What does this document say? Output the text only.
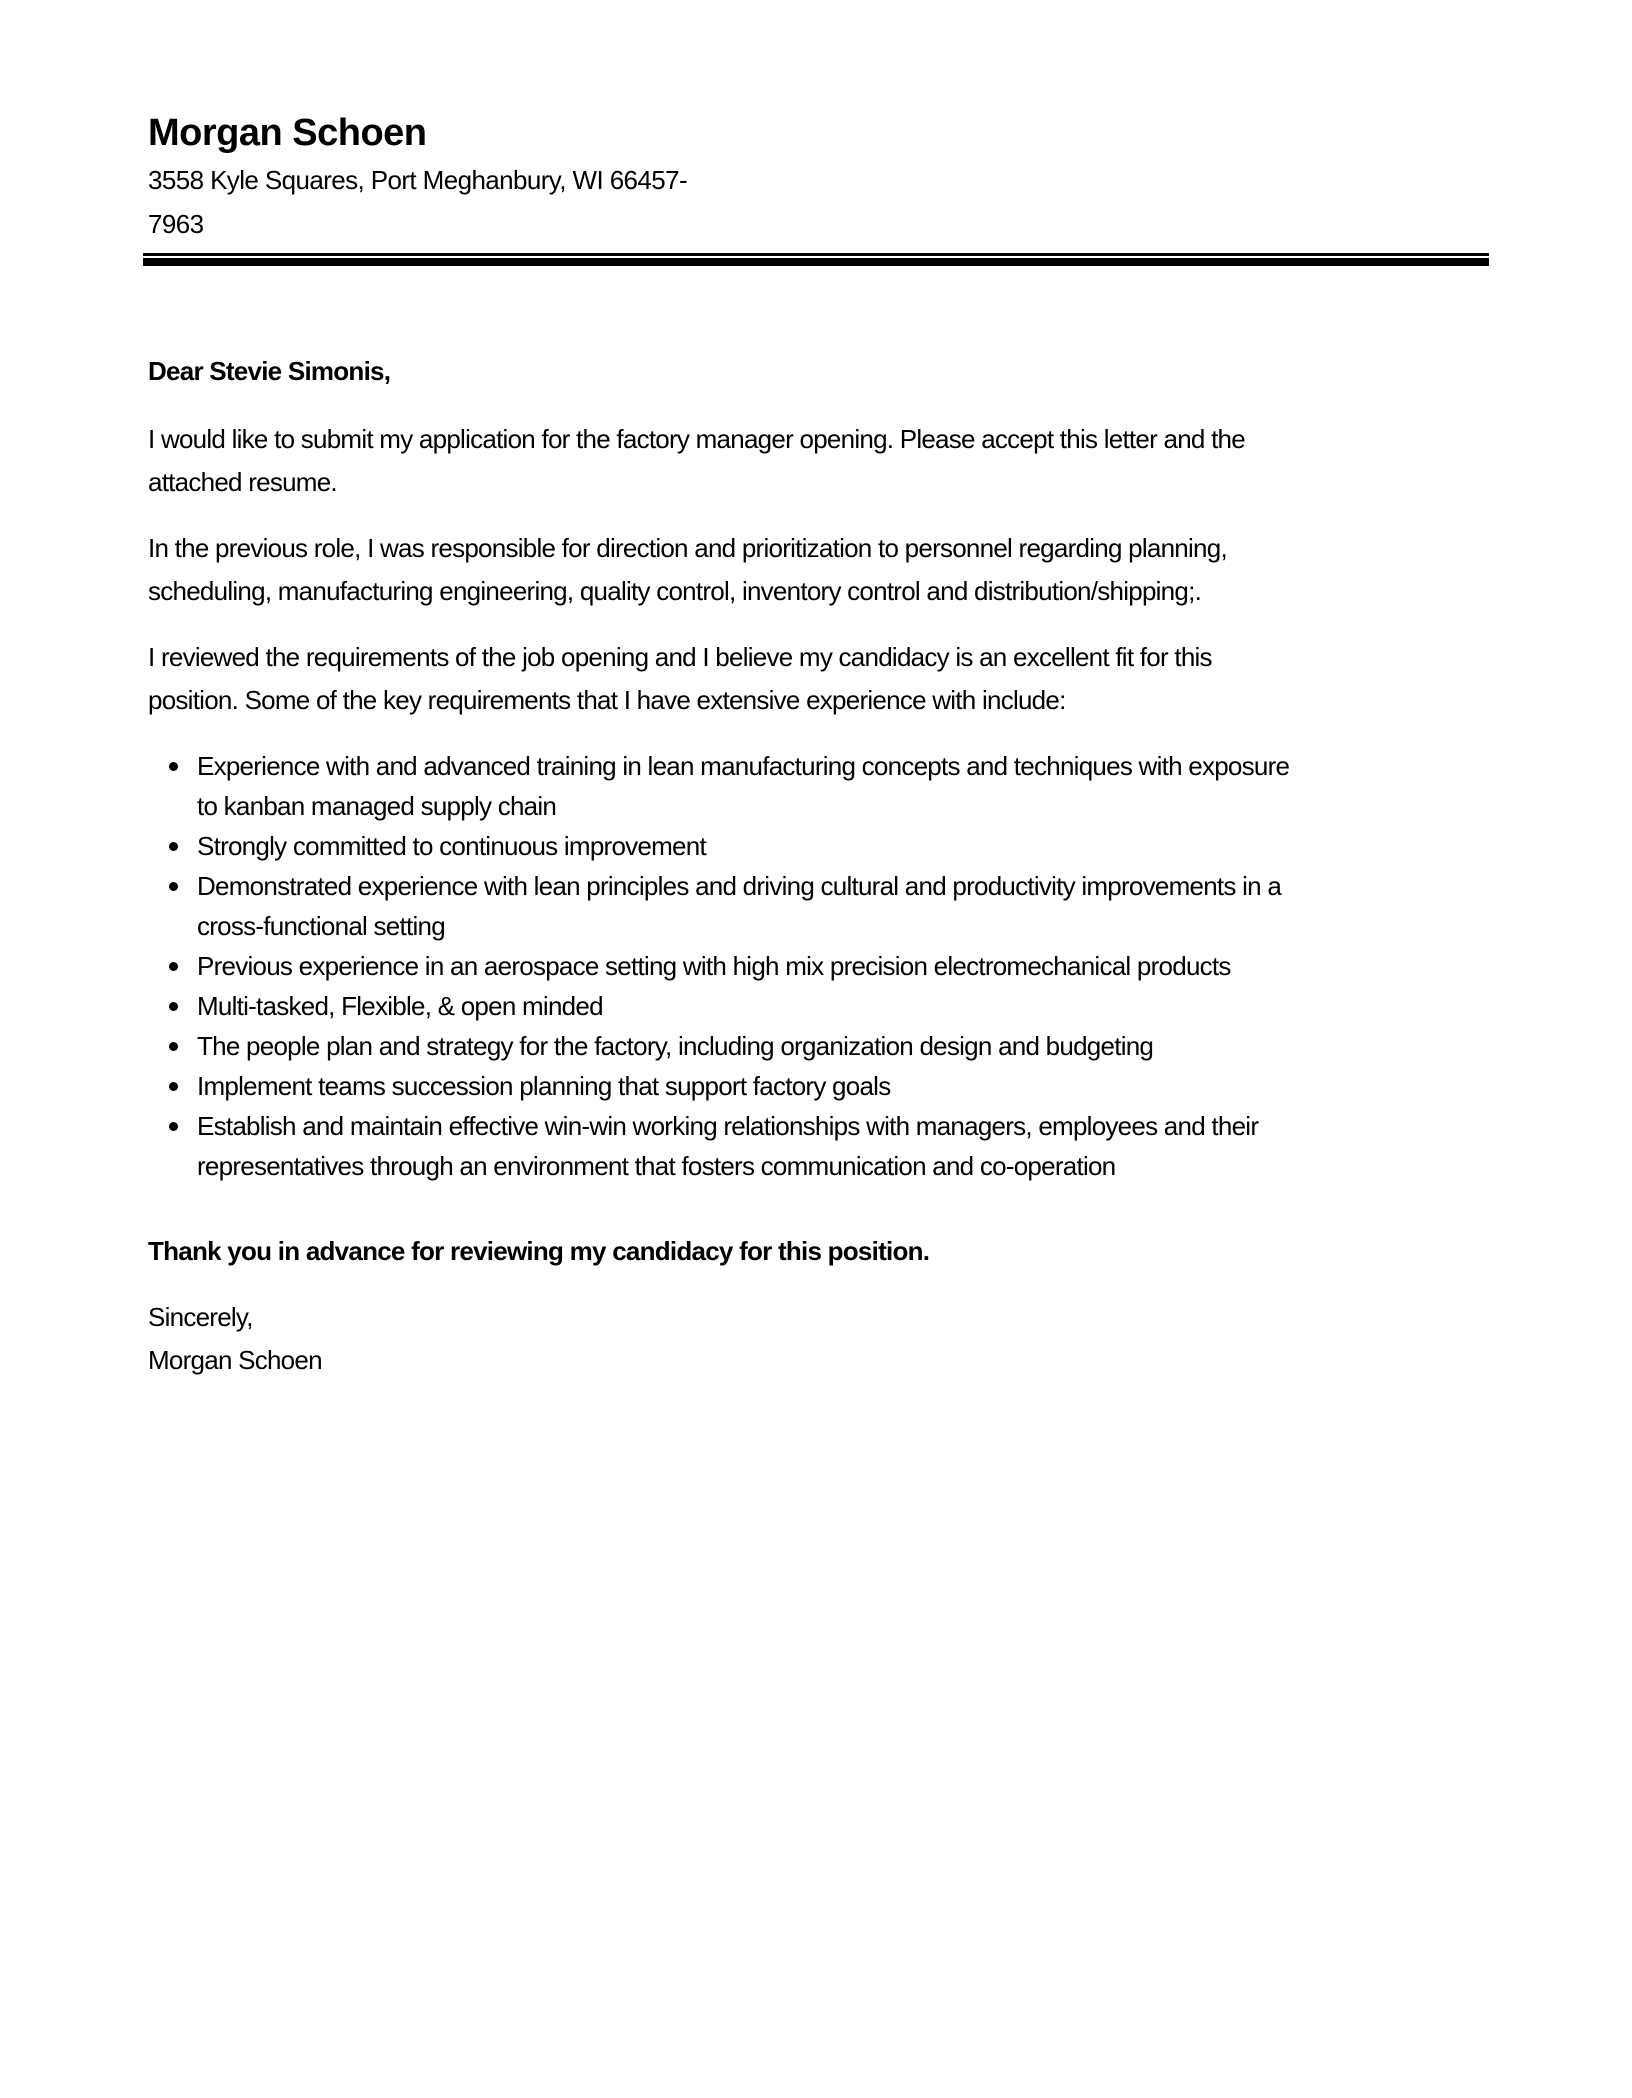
Morgan Schoen
3558 Kyle Squares, Port Meghanbury, WI 66457-
7963
Dear Stevie Simonis,
I would like to submit my application for the factory manager opening. Please accept this letter and the
attached resume.
In the previous role, I was responsible for direction and prioritization to personnel regarding planning,
scheduling, manufacturing engineering, quality control, inventory control and distribution/shipping;.
I reviewed the requirements of the job opening and I believe my candidacy is an excellent fit for this
position. Some of the key requirements that I have extensive experience with include:
Experience with and advanced training in lean manufacturing concepts and techniques with exposure
to kanban managed supply chain
Strongly committed to continuous improvement
Demonstrated experience with lean principles and driving cultural and productivity improvements in a
cross-functional setting
Previous experience in an aerospace setting with high mix precision electromechanical products
Multi-tasked, Flexible, & open minded
The people plan and strategy for the factory, including organization design and budgeting
Implement teams succession planning that support factory goals
Establish and maintain effective win-win working relationships with managers, employees and their
representatives through an environment that fosters communication and co-operation
Thank you in advance for reviewing my candidacy for this position.
Sincerely,
Morgan Schoen
